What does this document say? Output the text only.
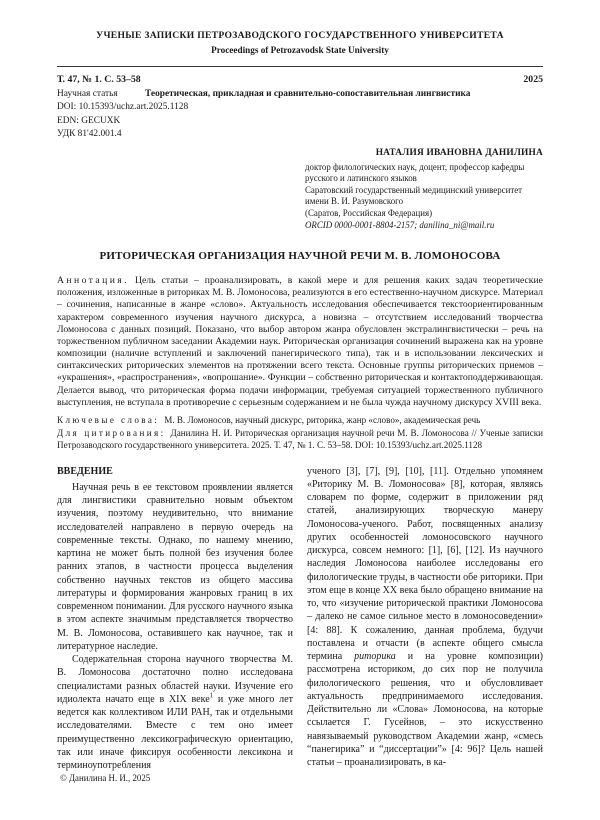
УЧЕНЫЕ ЗАПИСКИ ПЕТРОЗАВОДСКОГО ГОСУДАРСТВЕННОГО УНИВЕРСИТЕТА
Proceedings of Petrozavodsk State University
Т. 47, № 1. С. 53–58	2025
Научная статья	Теоретическая, прикладная и сравнительно-сопоставительная лингвистика
DOI: 10.15393/uchz.art.2025.1128
EDN: GECUXK
УДК 81'42.001.4
НАТАЛИЯ ИВАНОВНА ДАНИЛИНА
доктор филологических наук, доцент, профессор кафедры русского и латинского языков
Саратовский государственный медицинский университет имени В. И. Разумовского
(Саратов, Российская Федерация)
ORCID 0000-0001-8804-2157; danilina_ni@mail.ru
РИТОРИЧЕСКАЯ ОРГАНИЗАЦИЯ НАУЧНОЙ РЕЧИ М. В. ЛОМОНОСОВА
Аннотация. Цель статьи – проанализировать, в какой мере и для решения каких задач теоретические положения, изложенные в риториках М. В. Ломоносова, реализуются в его естественно-научном дискурсе. Материал – сочинения, написанные в жанре «слово». Актуальность исследования обеспечивается текстоориентированным характером современного изучения научного дискурса, а новизна – отсутствием исследований творчества Ломоносова с данных позиций. Показано, что выбор автором жанра обусловлен экстралингвистически – речь на торжественном публичном заседании Академии наук. Риторическая организация сочинений выражена как на уровне композиции (наличие вступлений и заключений панегирического типа), так и в использовании лексических и синтаксических риторических элементов на протяжении всего текста. Основные группы риторических приемов – «украшения», «распространения», «вопрошание». Функции – собственно риторическая и контактоподдерживающая. Делается вывод, что риторическая форма подачи информации, требуемая ситуацией торжественного публичного выступления, не вступала в противоречие с серьезным содержанием и не была чужда научному дискурсу XVIII века.
Ключевые слова: М. В. Ломоносов, научный дискурс, риторика, жанр «слово», академическая речь
Для цитирования: Данилина Н. И. Риторическая организация научной речи М. В. Ломоносова // Ученые записки Петрозаводского государственного университета. 2025. Т. 47, № 1. С. 53–58. DOI: 10.15393/uchz.art.2025.1128
ВВЕДЕНИЕ

Научная речь в ее текстовом проявлении является для лингвистики сравнительно новым объектом изучения, поэтому неудивительно, что внимание исследователей направлено в первую очередь на современные тексты. Однако, по нашему мнению, картина не может быть полной без изучения более ранних этапов, в частности процесса выделения собственно научных текстов из общего массива литературы и формирования жанровых границ в их современном понимании. Для русского научного языка в этом аспекте значимым представляется творчество М. В. Ломоносова, оставившего как научное, так и литературное наследие.

Содержательная сторона научного творчества М. В. Ломоносова достаточно полно исследована специалистами разных областей науки. Изучение его идиолекта начато еще в XIX веке$^1$ и уже много лет ведется как коллективом ИЛИ РАН, так и отдельными исследователями. Вместе с тем оно имеет преимущественно лексикографическую ориентацию, так или иначе фиксируя особенности лексикона и терминоупотребления

ученого [3], [7], [9], [10], [11]. Отдельно упомянем «Риторику М. В. Ломоносова» [8], которая, являясь словарем по форме, содержит в приложении ряд статей, анализирующих творческую манеру Ломоносова-ученого. Работ, посвященных анализу других особенностей ломоносовского научного дискурса, совсем немного: [1], [6], [12]. Из научного наследия Ломоносова наиболее исследованы его филологические труды, в частности обе риторики. При этом еще в конце XX века было обращено внимание на то, что «изучение риторической практики Ломоносова – далеко не самое сильное место в ломоносоведении» [4: 88]. К сожалению, данная проблема, будучи поставлена и отчасти (в аспекте общего смысла термина риторика и на уровне композиции) рассмотрена историком, до сих пор не получила филологического решения, что и обусловливает актуальность предпринимаемого исследования. Действительно ли «Слова» Ломоносова, на которые ссылается Г. Гусейнов, – это искусственно навязываемый руководством Академии жанр, «смесь “панегирика” и “диссертации”» [4: 96]? Цель нашей статьи – проанализировать, в ка-

© Данилина Н. И., 2025
